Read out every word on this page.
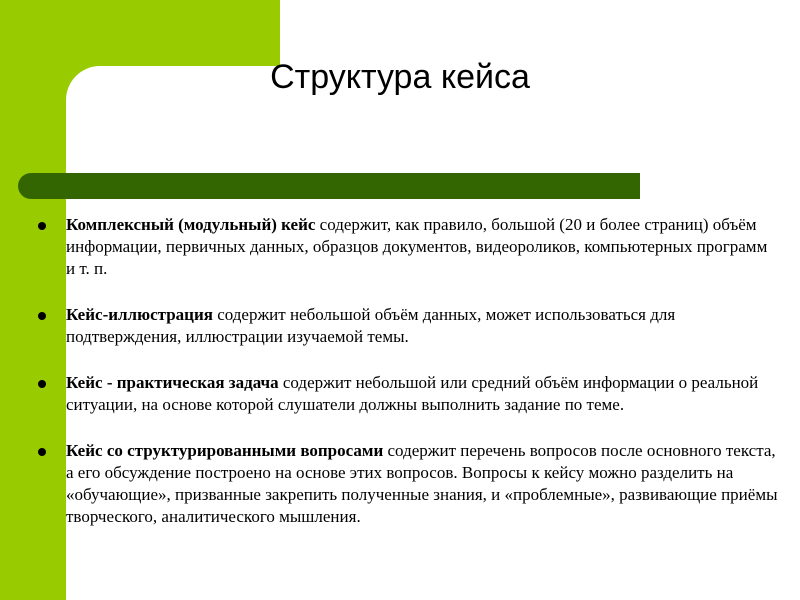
Структура кейса
Комплексный (модульный) кейс содержит, как правило, большой (20 и более страниц) объём информации, первичных данных, образцов документов, видеороликов, компьютерных программ и т. п.
Кейс-иллюстрация содержит небольшой объём данных, может использоваться для подтверждения, иллюстрации изучаемой темы.
Кейс - практическая задача содержит небольшой или средний объём информации о реальной ситуации, на основе которой слушатели должны выполнить задание по теме.
Кейс со структурированными вопросами содержит перечень вопросов после основного текста, а его обсуждение построено на основе этих вопросов. Вопросы к кейсу можно разделить на «обучающие», призванные закрепить полученные знания, и «проблемные», развивающие приёмы творческого, аналитического мышления.
